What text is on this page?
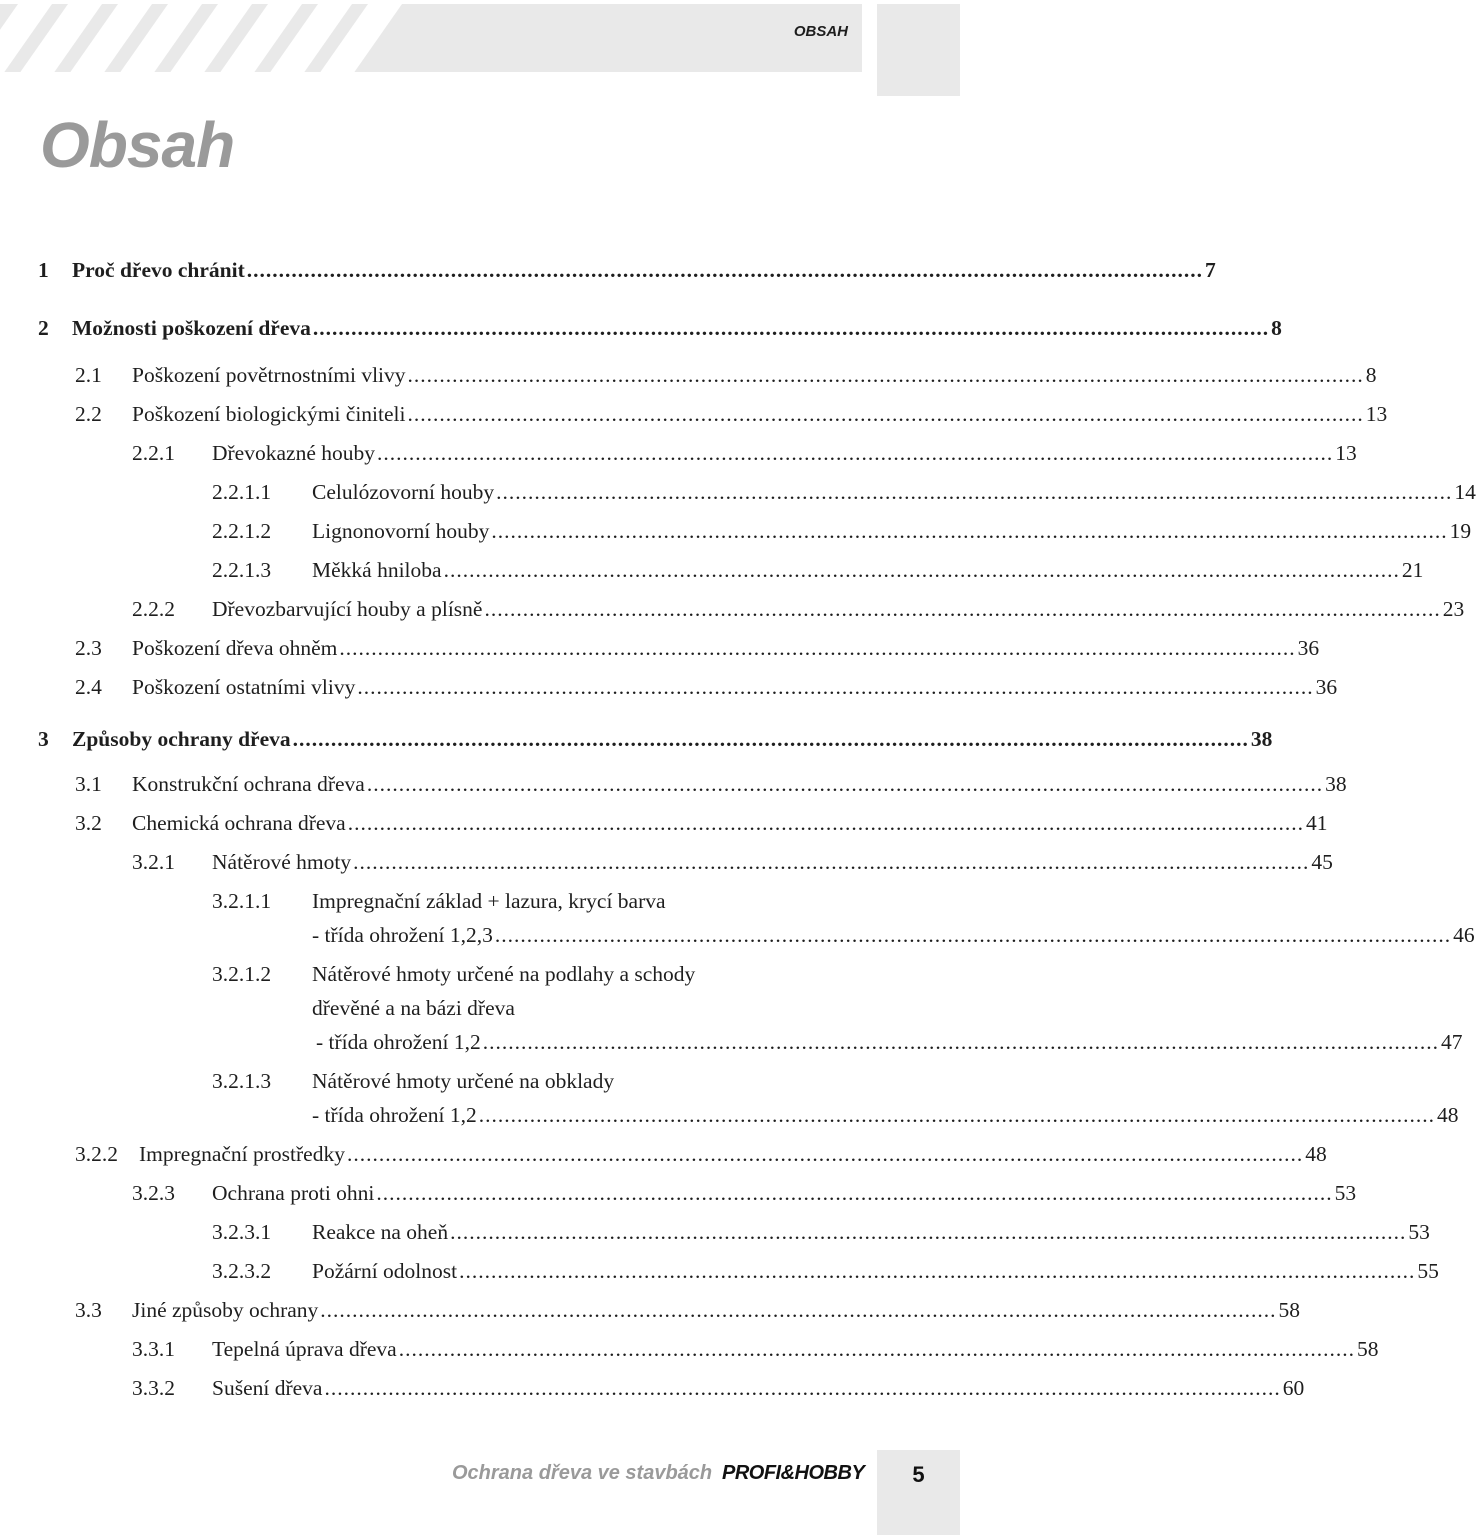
OBSAH
Obsah
1	Proč dřevo chránit ...................................................................................................................................................... 7
2	Možnosti poškození dřeva ...................................................................................................................................................... 8
2.1	Poškození povětrnostními vlivy ...................................................................................................................................................... 8
2.2	Poškození biologickými činiteli ...................................................................................................................................................... 13
2.2.1	Dřevokazné houby ...................................................................................................................................................... 13
2.2.1.1	Celulózovorní houby ...................................................................................................................................................... 14
2.2.1.2	Lignonovorní houby ...................................................................................................................................................... 19
2.2.1.3	Měkká hniloba ...................................................................................................................................................... 21
2.2.2	Dřevozbarvující houby a plísně ...................................................................................................................................................... 23
2.3	Poškození dřeva ohněm ...................................................................................................................................................... 36
2.4	Poškození ostatními vlivy ...................................................................................................................................................... 36
3	Způsoby ochrany dřeva ...................................................................................................................................................... 38
3.1	Konstrukční ochrana dřeva ...................................................................................................................................................... 38
3.2	Chemická ochrana dřeva ...................................................................................................................................................... 41
3.2.1	Nátěrové hmoty ...................................................................................................................................................... 45
3.2.1.1 Impregnační základ + lazura, krycí barva
- třída ohrožení 1,2,3 ...................................................................................................................................................... 46
3.2.1.2 Nátěrové hmoty určené na podlahy a schody
dřevěné a na bázi dřeva
- třída ohrožení 1,2 ...................................................................................................................................................... 47
3.2.1.3 Nátěrové hmoty určené na obklady
- třída ohrožení 1,2 ...................................................................................................................................................... 48
3.2.2 Impregnační prostředky ...................................................................................................................................................... 48
3.2.3	Ochrana proti ohni ...................................................................................................................................................... 53
3.2.3.1	Reakce na oheň ...................................................................................................................................................... 53
3.2.3.2	Požární odolnost ...................................................................................................................................................... 55
3.3	Jiné způsoby ochrany ...................................................................................................................................................... 58
3.3.1	Tepelná úprava dřeva ...................................................................................................................................................... 58
3.3.2	Sušení dřeva ...................................................................................................................................................... 60
Ochrana dřeva ve stavbách PROFI&HOBBY	5
